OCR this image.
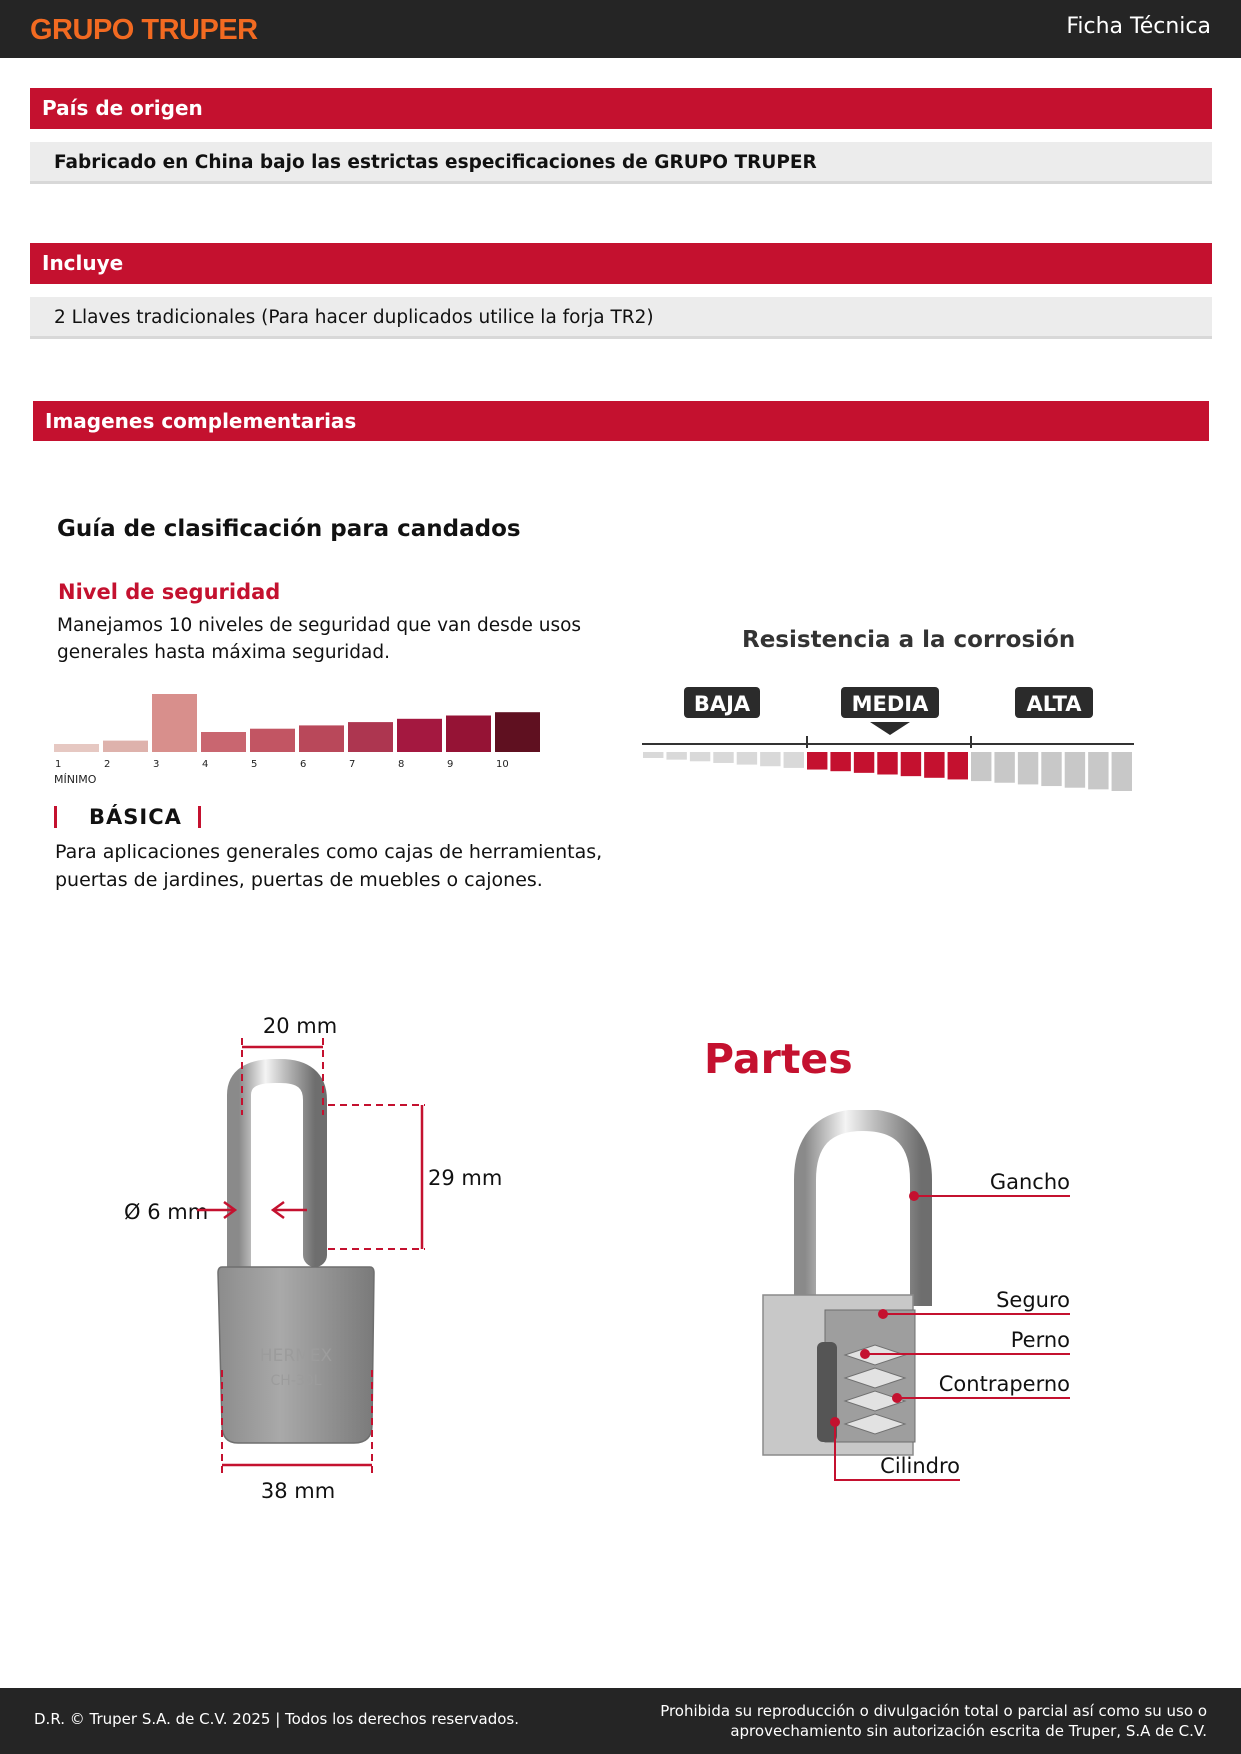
GRUPO TRUPER	Ficha Técnica
País de origen
Fabricado en China bajo las estrictas especificaciones de GRUPO TRUPER
Incluye
2 Llaves tradicionales (Para hacer duplicados utilice la forja TR2)
Imagenes complementarias
Guía de clasificación para candados
Nivel de seguridad
Manejamos 10 niveles de seguridad que van desde usos
generales hasta máxima seguridad.
1	2	3	4	5	6	7	8	9	10
MÍNIMO
BÁSICA
Para aplicaciones generales como cajas de herramientas,
puertas de jardines, puertas de muebles o cajones.
Resistencia a la corrosión
BAJA	MEDIA	ALTA
HERMEX
CH-30L
20 mm
29 mm
Ø 6 mm
38 mm
Partes
Gancho
Seguro
Perno
Contraperno
Cilindro
D.R. © Truper S.A. de C.V. 2025 | Todos los derechos reservados.	Prohibida su reproducción o divulgación total o parcial así como su uso o
aprovechamiento sin autorización escrita de Truper, S.A de C.V.
